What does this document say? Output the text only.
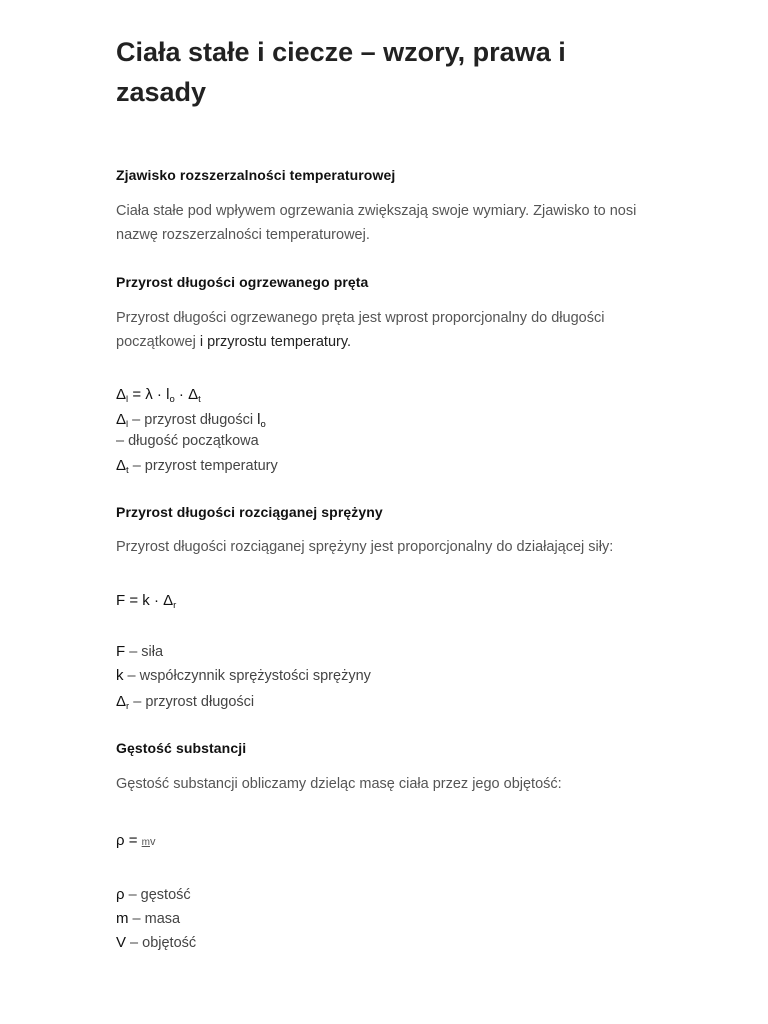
Ciała stałe i ciecze – wzory, prawa i zasady
Zjawisko rozszerzalności temperaturowej

Ciała stałe pod wpływem ogrzewania zwiększają swoje wymiary. Zjawisko to nosi nazwę rozszerzalności temperaturowej.

Przyrost długości ogrzewanego pręta

Przyrost długości ogrzewanego pręta jest wprost proporcjonalny do długości początkowej i przyrostu temperatury.

$\Delta_l = \lambda \cdot l_o \cdot \Delta_t$
$\Delta_l$ – przyrost długości $l_o$
– długość początkowa
$\Delta_t$ – przyrost temperatury
Przyrost długości rozciąganej sprężyny

Przyrost długości rozciąganej sprężyny jest proporcjonalny do działającej siły:

$F = k \cdot \Delta_r$
F – siła
k – współczynnik sprężystości sprężyny
$\Delta_r$ – przyrost długości
Gęstość substancji

Gęstość substancji obliczamy dzieląc masę ciała przez jego objętość:

ρ = mv
ρ – gęstość
m – masa
V – objętość
